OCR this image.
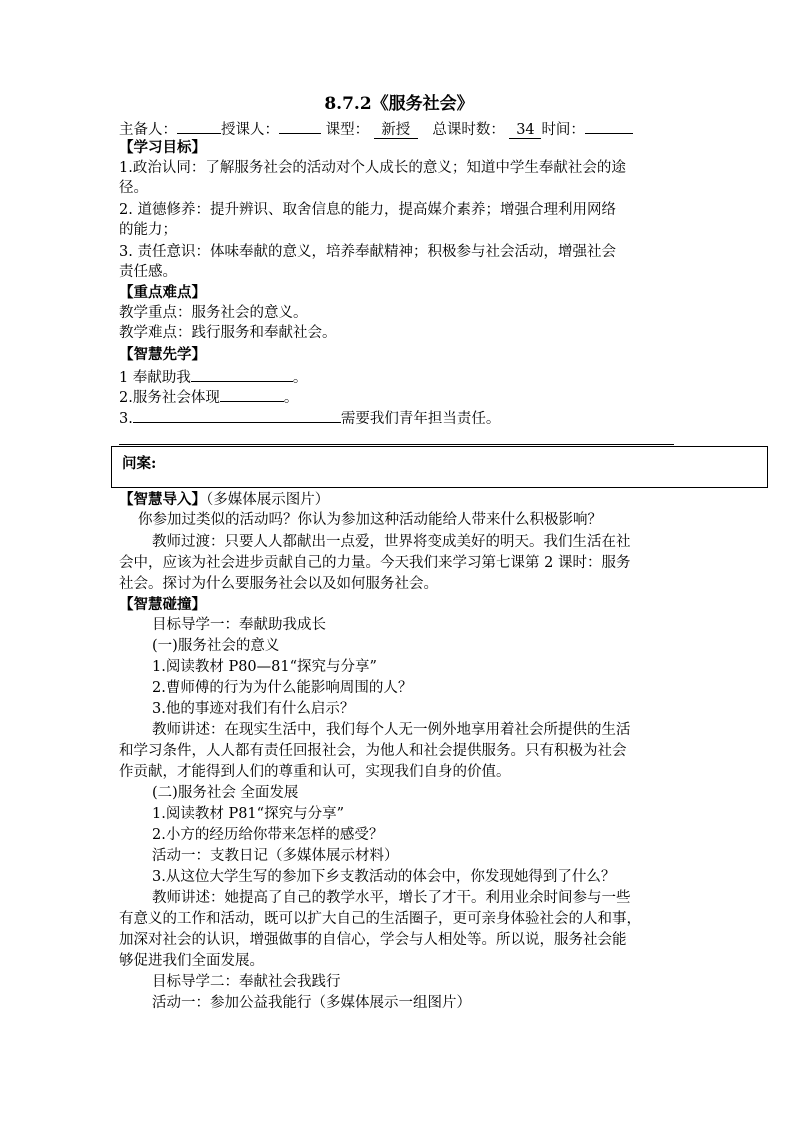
8.7.2《服务社会》
主备人：	授课人：	课型： 新授 总课时数： 34 时间：
【学习目标】
1.政治认同：了解服务社会的活动对个人成长的意义；知道中学生奉献社会的途
径。
2. 道德修养：提升辨识、取舍信息的能力，提高媒介素养；增强合理利用网络
的能力；
3. 责任意识：体味奉献的意义，培养奉献精神；积极参与社会活动，增强社会
责任感。
【重点难点】
教学重点：服务社会的意义。
教学难点：践行服务和奉献社会。
【智慧先学】
1 奉献助我	。
2.服务社会体现	。
3.	需要我们青年担当责任。
问案:
【智慧导入】（多媒体展示图片）
你参加过类似的活动吗？你认为参加这种活动能给人带来什么积极影响？
教师过渡：只要人人都献出一点爱，世界将变成美好的明天。我们生活在社
会中，应该为社会进步贡献自己的力量。今天我们来学习第七课第 2 课时：服务
社会。探讨为什么要服务社会以及如何服务社会。
【智慧碰撞】
目标导学一：奉献助我成长
(一)服务社会的意义
1.阅读教材 P80—81“探究与分享”
2.曹师傅的行为为什么能影响周围的人？
3.他的事迹对我们有什么启示？
教师讲述：在现实生活中，我们每个人无一例外地享用着社会所提供的生活
和学习条件，人人都有责任回报社会，为他人和社会提供服务。只有积极为社会
作贡献，才能得到人们的尊重和认可，实现我们自身的价值。
(二)服务社会 全面发展
1.阅读教材 P81“探究与分享”
2.小方的经历给你带来怎样的感受？
活动一：支教日记（多媒体展示材料）
3.从这位大学生写的参加下乡支教活动的体会中，你发现她得到了什么？
教师讲述：她提高了自己的教学水平，增长了才干。利用业余时间参与一些
有意义的工作和活动，既可以扩大自己的生活圈子，更可亲身体验社会的人和事，
加深对社会的认识，增强做事的自信心，学会与人相处等。所以说，服务社会能
够促进我们全面发展。
目标导学二：奉献社会我践行
活动一：参加公益我能行（多媒体展示一组图片）
